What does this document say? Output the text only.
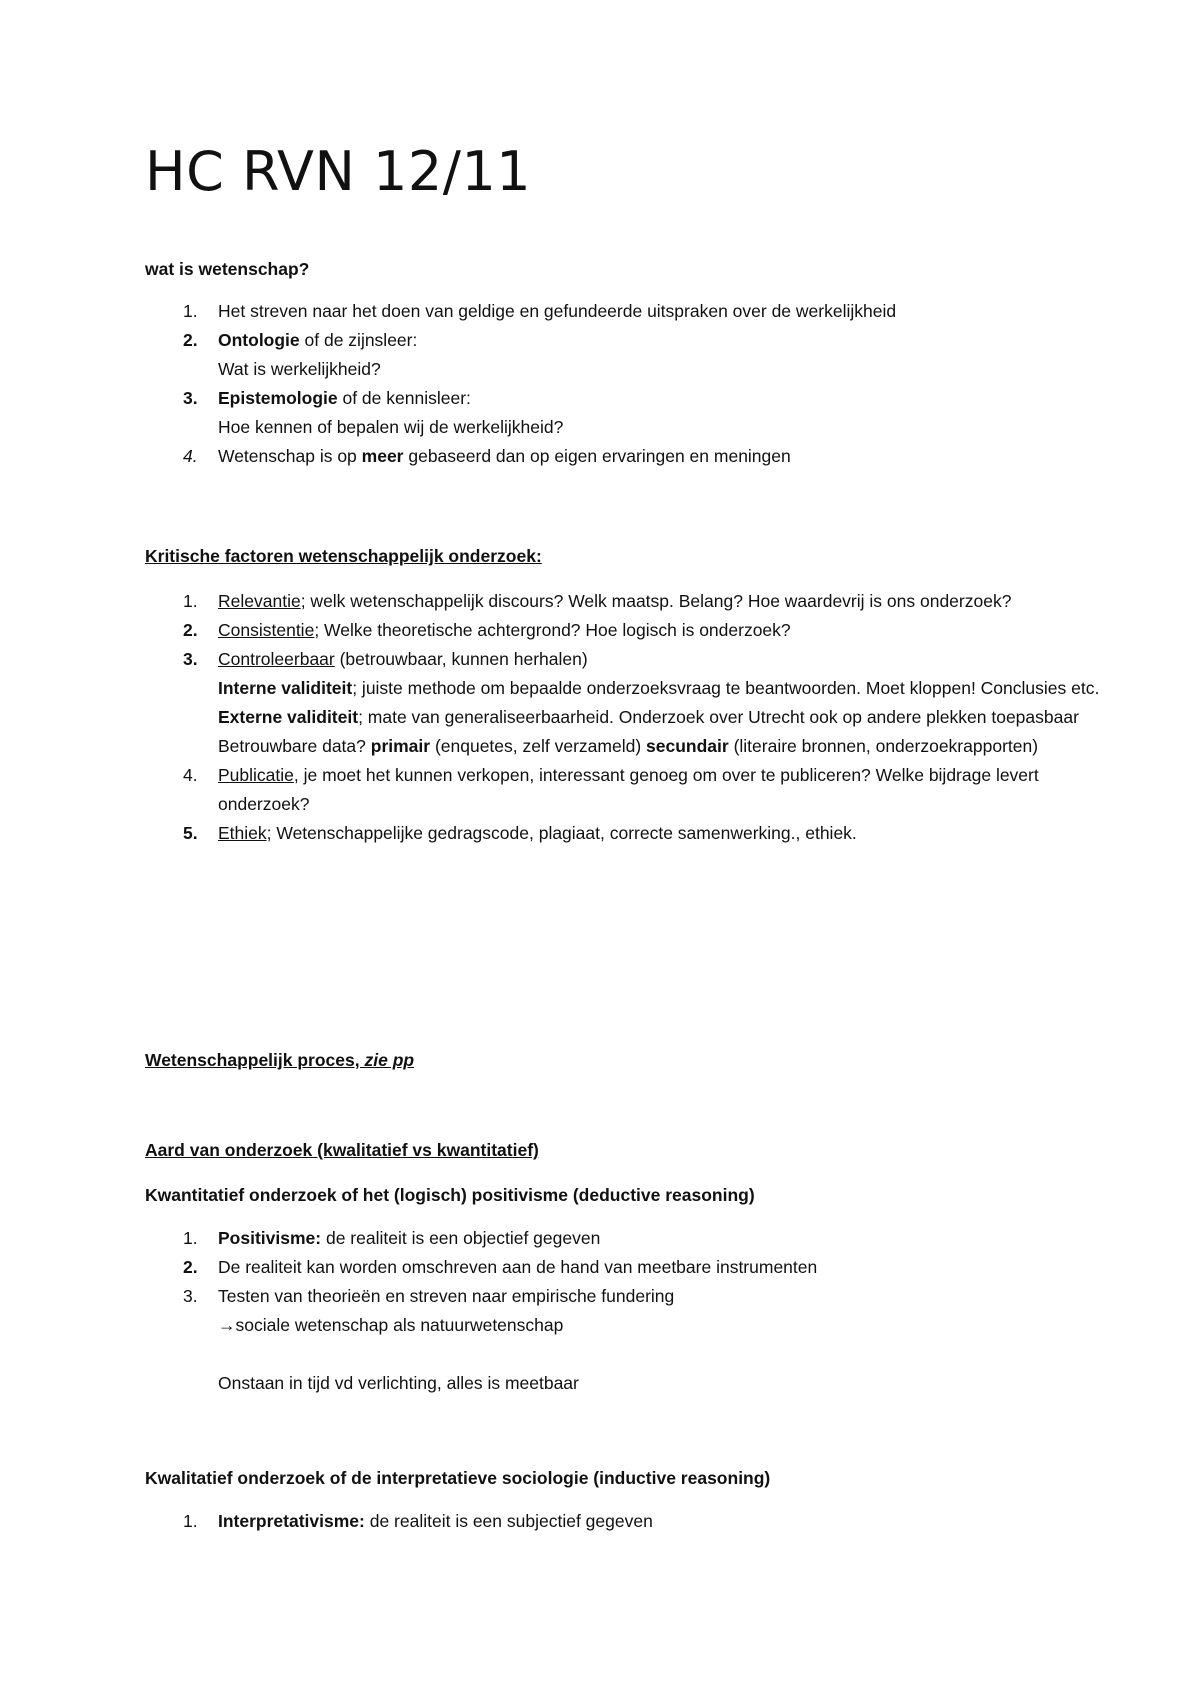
HC RVN 12/11

wat is wetenschap?

1. Het streven naar het doen van geldige en gefundeerde uitspraken over de werkelijkheid
2. Ontologie of de zijnsleer:
Wat is werkelijkheid?
3. Epistemologie of de kennisleer:
Hoe kennen of bepalen wij de werkelijkheid?
4. Wetenschap is op meer gebaseerd dan op eigen ervaringen en meningen

Kritische factoren wetenschappelijk onderzoek:

1. Relevantie; welk wetenschappelijk discours? Welk maatsp. Belang? Hoe waardevrij is ons onderzoek?
2. Consistentie; Welke theoretische achtergrond? Hoe logisch is onderzoek?
3. Controleerbaar (betrouwbaar, kunnen herhalen)
Interne validiteit; juiste methode om bepaalde onderzoeksvraag te beantwoorden. Moet kloppen! Conclusies etc.
Externe validiteit; mate van generaliseerbaarheid. Onderzoek over Utrecht ook op andere plekken toepasbaar
Betrouwbare data? primair (enquetes, zelf verzameld) secundair (literaire bronnen, onderzoekrapporten)
4. Publicatie, je moet het kunnen verkopen, interessant genoeg om over te publiceren? Welke bijdrage levert onderzoek?
5. Ethiek; Wetenschappelijke gedragscode, plagiaat, correcte samenwerking., ethiek.

Wetenschappelijk proces, zie pp

Aard van onderzoek (kwalitatief vs kwantitatief)

Kwantitatief onderzoek of het (logisch) positivisme (deductive reasoning)

1. Positivisme: de realiteit is een objectief gegeven
2. De realiteit kan worden omschreven aan de hand van meetbare instrumenten
3. Testen van theorieën en streven naar empirische fundering
→sociale wetenschap als natuurwetenschap

Onstaan in tijd vd verlichting, alles is meetbaar

Kwalitatief onderzoek of de interpretatieve sociologie (inductive reasoning)

1. Interpretativisme: de realiteit is een subjectief gegeven
